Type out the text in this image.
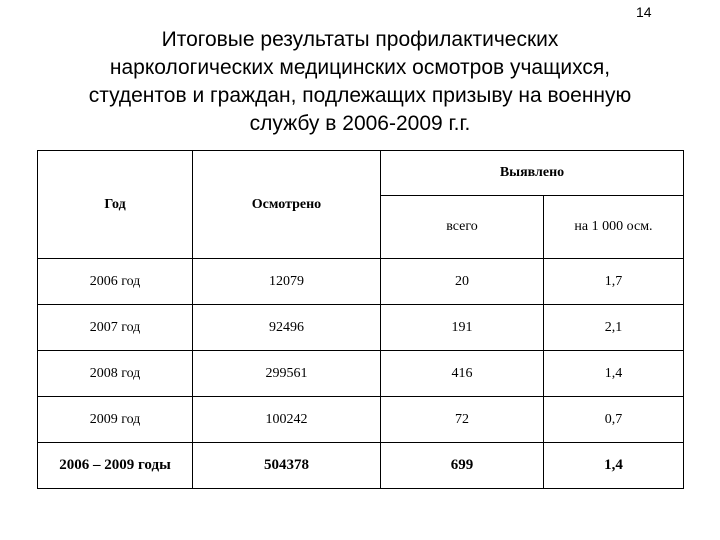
14
Итоговые результаты профилактических
наркологических медицинских осмотров учащихся,
студентов и граждан, подлежащих призыву на военную
службу в 2006-2009 г.г.
Год	Осмотрено	Выявлено	
		всего	на 1 000 осм.
2006 год	12079	20	1,7
2007 год	92496	191	2,1
2008 год	299561	416	1,4
2009 год	100242	72	0,7
2006 – 2009 годы	504378	699	1,4
